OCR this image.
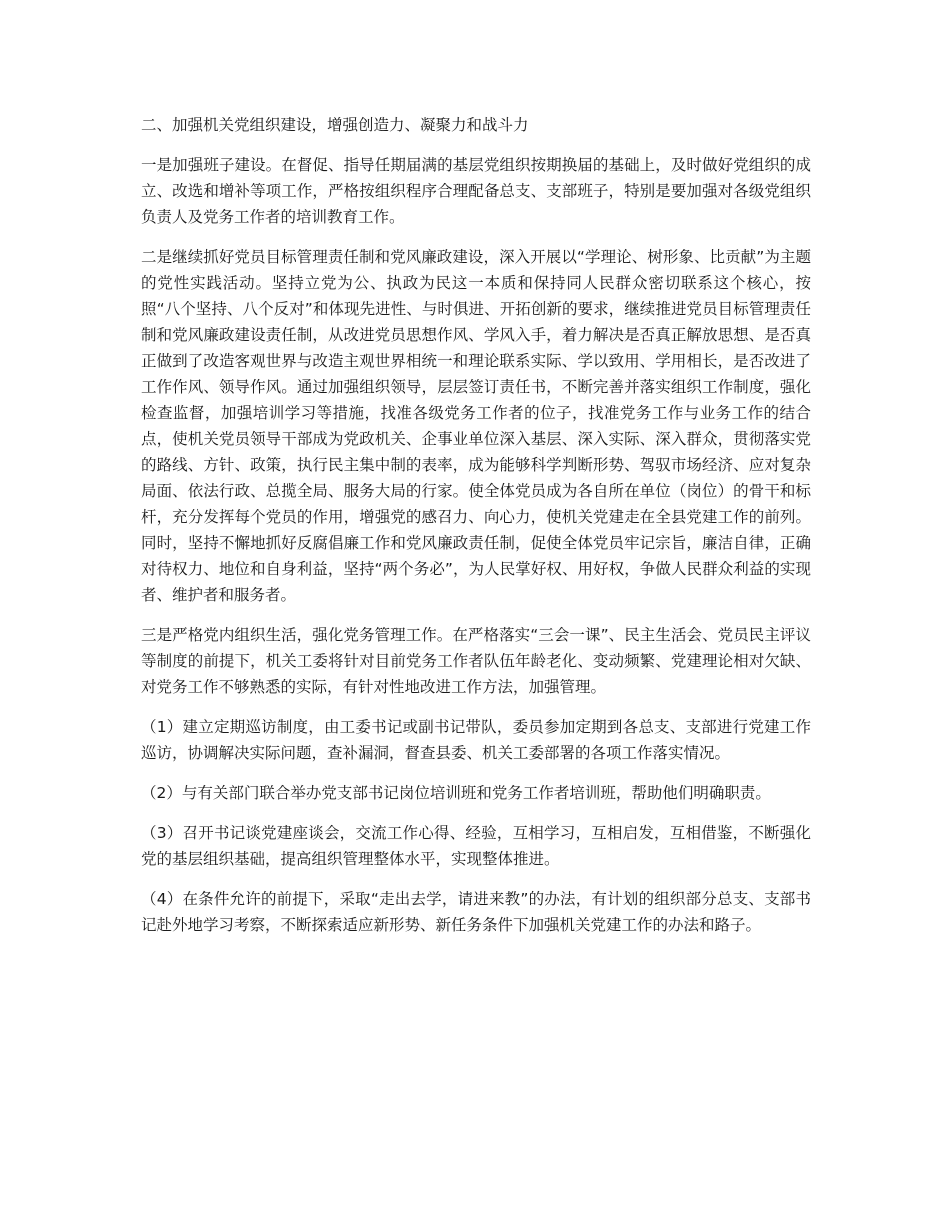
二、加强机关党组织建设，增强创造力、凝聚力和战斗力

一是加强班子建设。在督促、指导任期届满的基层党组织按期换届的基础上，及时做好党组织的成立、改选和增补等项工作，严格按组织程序合理配备总支、支部班子，特别是要加强对各级党组织负责人及党务工作者的培训教育工作。

二是继续抓好党员目标管理责任制和党风廉政建设，深入开展以“学理论、树形象、比贡献”为主题的党性实践活动。坚持立党为公、执政为民这一本质和保持同人民群众密切联系这个核心，按照“八个坚持、八个反对”和体现先进性、与时俱进、开拓创新的要求，继续推进党员目标管理责任制和党风廉政建设责任制，从改进党员思想作风、学风入手，着力解决是否真正解放思想、是否真正做到了改造客观世界与改造主观世界相统一和理论联系实际、学以致用、学用相长，是否改进了工作作风、领导作风。通过加强组织领导，层层签订责任书，不断完善并落实组织工作制度，强化检查监督，加强培训学习等措施，找准各级党务工作者的位子，找准党务工作与业务工作的结合点，使机关党员领导干部成为党政机关、企事业单位深入基层、深入实际、深入群众，贯彻落实党的路线、方针、政策，执行民主集中制的表率，成为能够科学判断形势、驾驭市场经济、应对复杂局面、依法行政、总揽全局、服务大局的行家。使全体党员成为各自所在单位（岗位）的骨干和标杆，充分发挥每个党员的作用，增强党的感召力、向心力，使机关党建走在全县党建工作的前列。同时，坚持不懈地抓好反腐倡廉工作和党风廉政责任制，促使全体党员牢记宗旨，廉洁自律，正确对待权力、地位和自身利益，坚持“两个务必”，为人民掌好权、用好权，争做人民群众利益的实现者、维护者和服务者。

三是严格党内组织生活，强化党务管理工作。在严格落实“三会一课”、民主生活会、党员民主评议等制度的前提下，机关工委将针对目前党务工作者队伍年龄老化、变动频繁、党建理论相对欠缺、对党务工作不够熟悉的实际，有针对性地改进工作方法，加强管理。

（1）建立定期巡访制度，由工委书记或副书记带队，委员参加定期到各总支、支部进行党建工作巡访，协调解决实际问题，查补漏洞，督查县委、机关工委部署的各项工作落实情况。

（2）与有关部门联合举办党支部书记岗位培训班和党务工作者培训班，帮助他们明确职责。

（3）召开书记谈党建座谈会，交流工作心得、经验，互相学习，互相启发，互相借鉴，不断强化党的基层组织基础，提高组织管理整体水平，实现整体推进。

（4）在条件允许的前提下，采取“走出去学，请进来教”的办法，有计划的组织部分总支、支部书记赴外地学习考察，不断探索适应新形势、新任务条件下加强机关党建工作的办法和路子。
